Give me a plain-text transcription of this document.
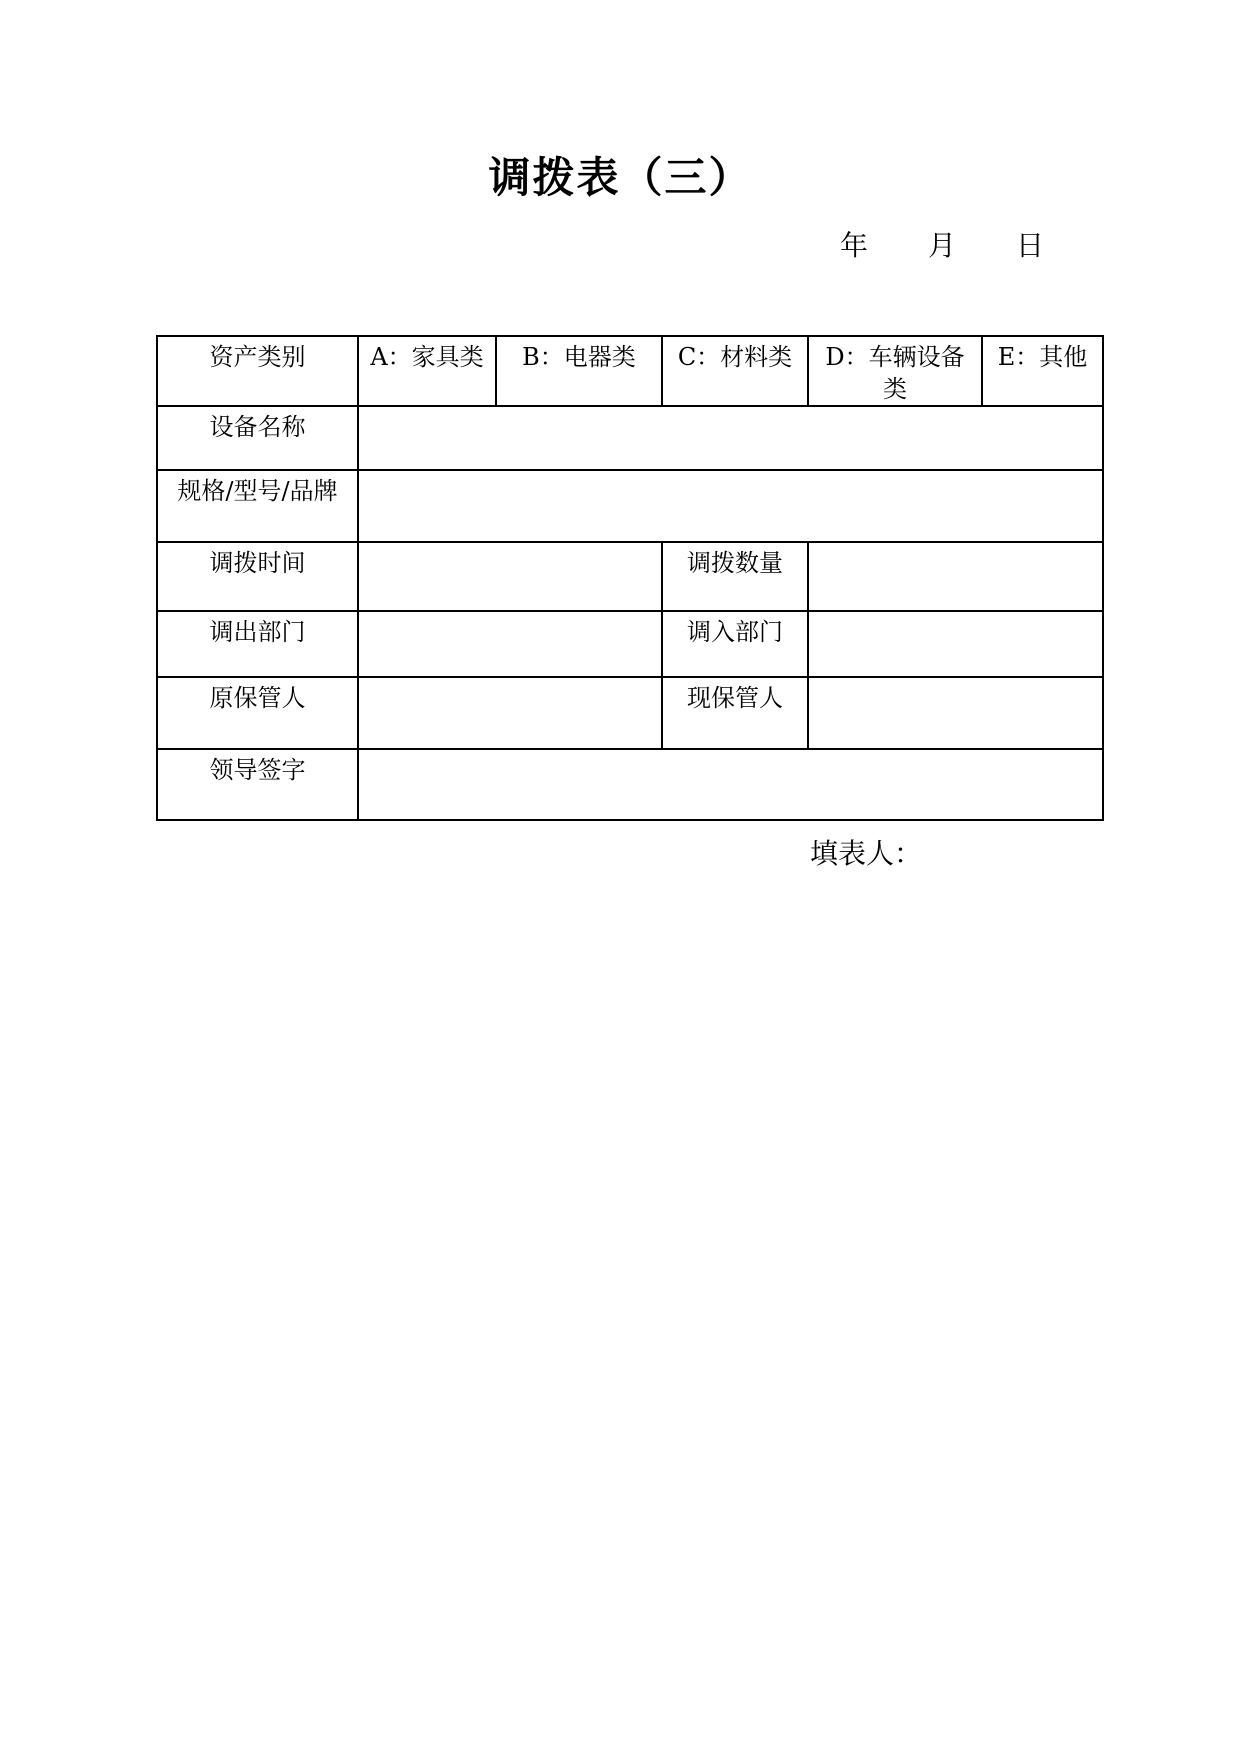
调拨表（三）
年 月 日
资产类别	A：家具类	B：电器类	C：材料类	D：车辆设备类	E：其他
设备名称					
规格/型号/品牌					
调拨时间			调拨数量		
调出部门			调入部门		
原保管人			现保管人		
领导签字					
填表人：
